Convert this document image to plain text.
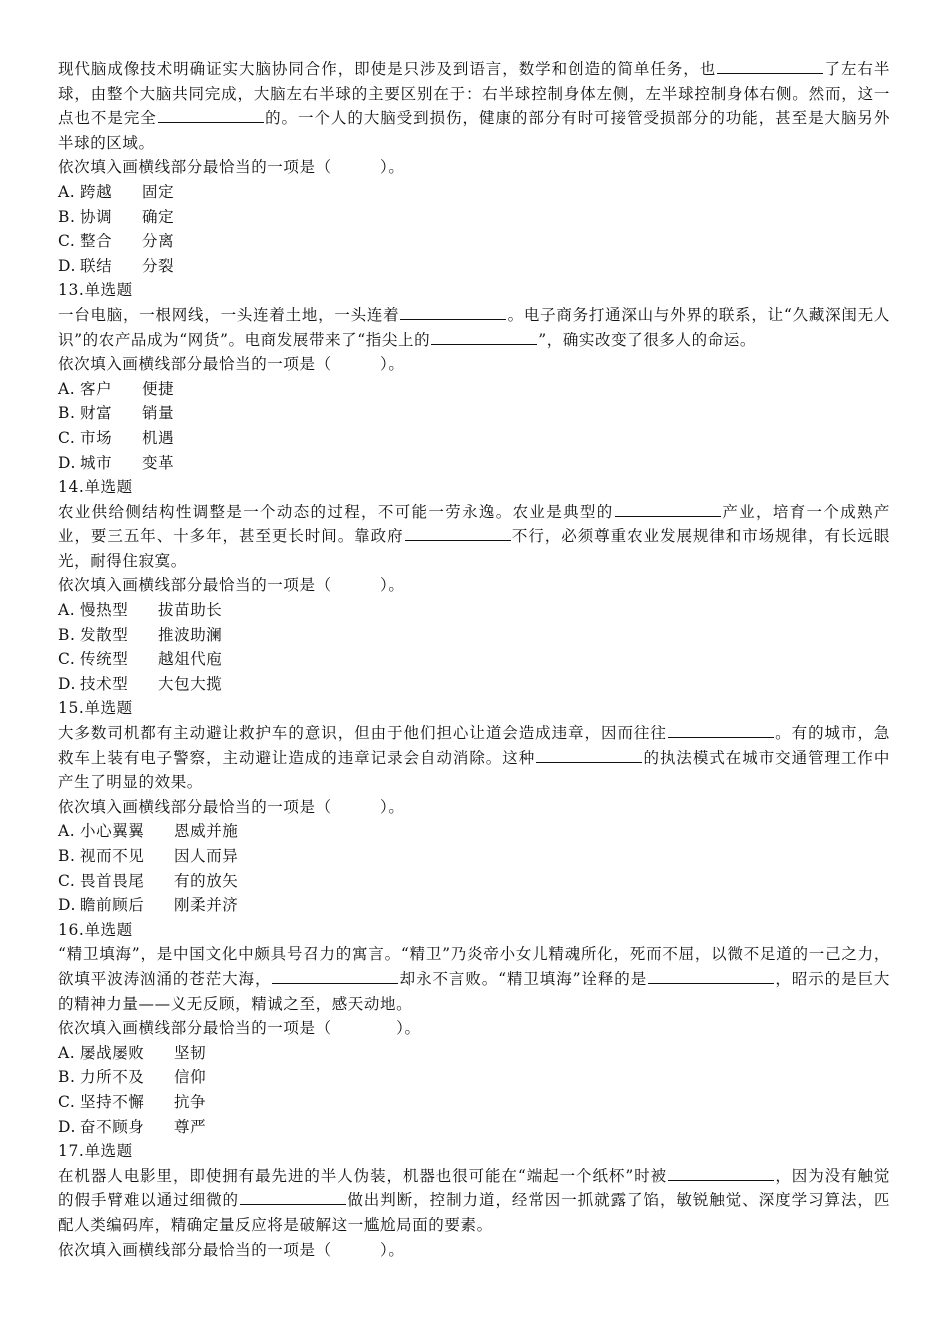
现代脑成像技术明确证实大脑协同合作，即使是只涉及到语言，数学和创造的简单任务，也	了左右半球，由整个大脑共同完成，大脑左右半球的主要区别在于：右半球控制身体左侧，左半球控制身体右侧。然而，这一点也不是完全	的。一个人的大脑受到损伤，健康的部分有时可接管受损部分的功能，甚至是大脑另外半球的区域。
依次填入画横线部分最恰当的一项是（　　　）。
A. 跨越	固定
B. 协调	确定
C. 整合	分离
D. 联结	分裂
13.单选题
一台电脑，一根网线，一头连着土地，一头连着	。电子商务打通深山与外界的联系，让“久藏深闺无人识”的农产品成为“网货”。电商发展带来了“指尖上的	”，确实改变了很多人的命运。
依次填入画横线部分最恰当的一项是（　　　）。
A. 客户	便捷
B. 财富	销量
C. 市场	机遇
D. 城市	变革
14.单选题
农业供给侧结构性调整是一个动态的过程，不可能一劳永逸。农业是典型的	产业，培育一个成熟产业，要三五年、十多年，甚至更长时间。靠政府	不行，必须尊重农业发展规律和市场规律，有长远眼光，耐得住寂寞。
依次填入画横线部分最恰当的一项是（　　　）。
A. 慢热型	拔苗助长
B. 发散型	推波助澜
C. 传统型	越俎代庖
D. 技术型	大包大揽
15.单选题
大多数司机都有主动避让救护车的意识，但由于他们担心让道会造成违章，因而往往	。有的城市，急救车上装有电子警察，主动避让造成的违章记录会自动消除。这种	的执法模式在城市交通管理工作中产生了明显的效果。
依次填入画横线部分最恰当的一项是（　　　）。
A. 小心翼翼	恩威并施
B. 视而不见	因人而异
C. 畏首畏尾	有的放矢
D. 瞻前顾后	刚柔并济
16.单选题
“精卫填海”，是中国文化中颇具号召力的寓言。“精卫”乃炎帝小女儿精魂所化，死而不屈，以微不足道的一己之力，欲填平波涛汹涌的苍茫大海，	却永不言败。“精卫填海”诠释的是	，昭示的是巨大的精神力量——义无反顾，精诚之至，感天动地。
依次填入画横线部分最恰当的一项是（　　　　）。
A. 屡战屡败	坚韧
B. 力所不及	信仰
C. 坚持不懈	抗争
D. 奋不顾身	尊严
17.单选题
在机器人电影里，即使拥有最先进的半人伪装，机器也很可能在“端起一个纸杯”时被	，因为没有触觉的假手臂难以通过细微的	做出判断，控制力道，经常因一抓就露了馅，敏锐触觉、深度学习算法，匹配人类编码库，精确定量反应将是破解这一尴尬局面的要素。
依次填入画横线部分最恰当的一项是（　　　）。
